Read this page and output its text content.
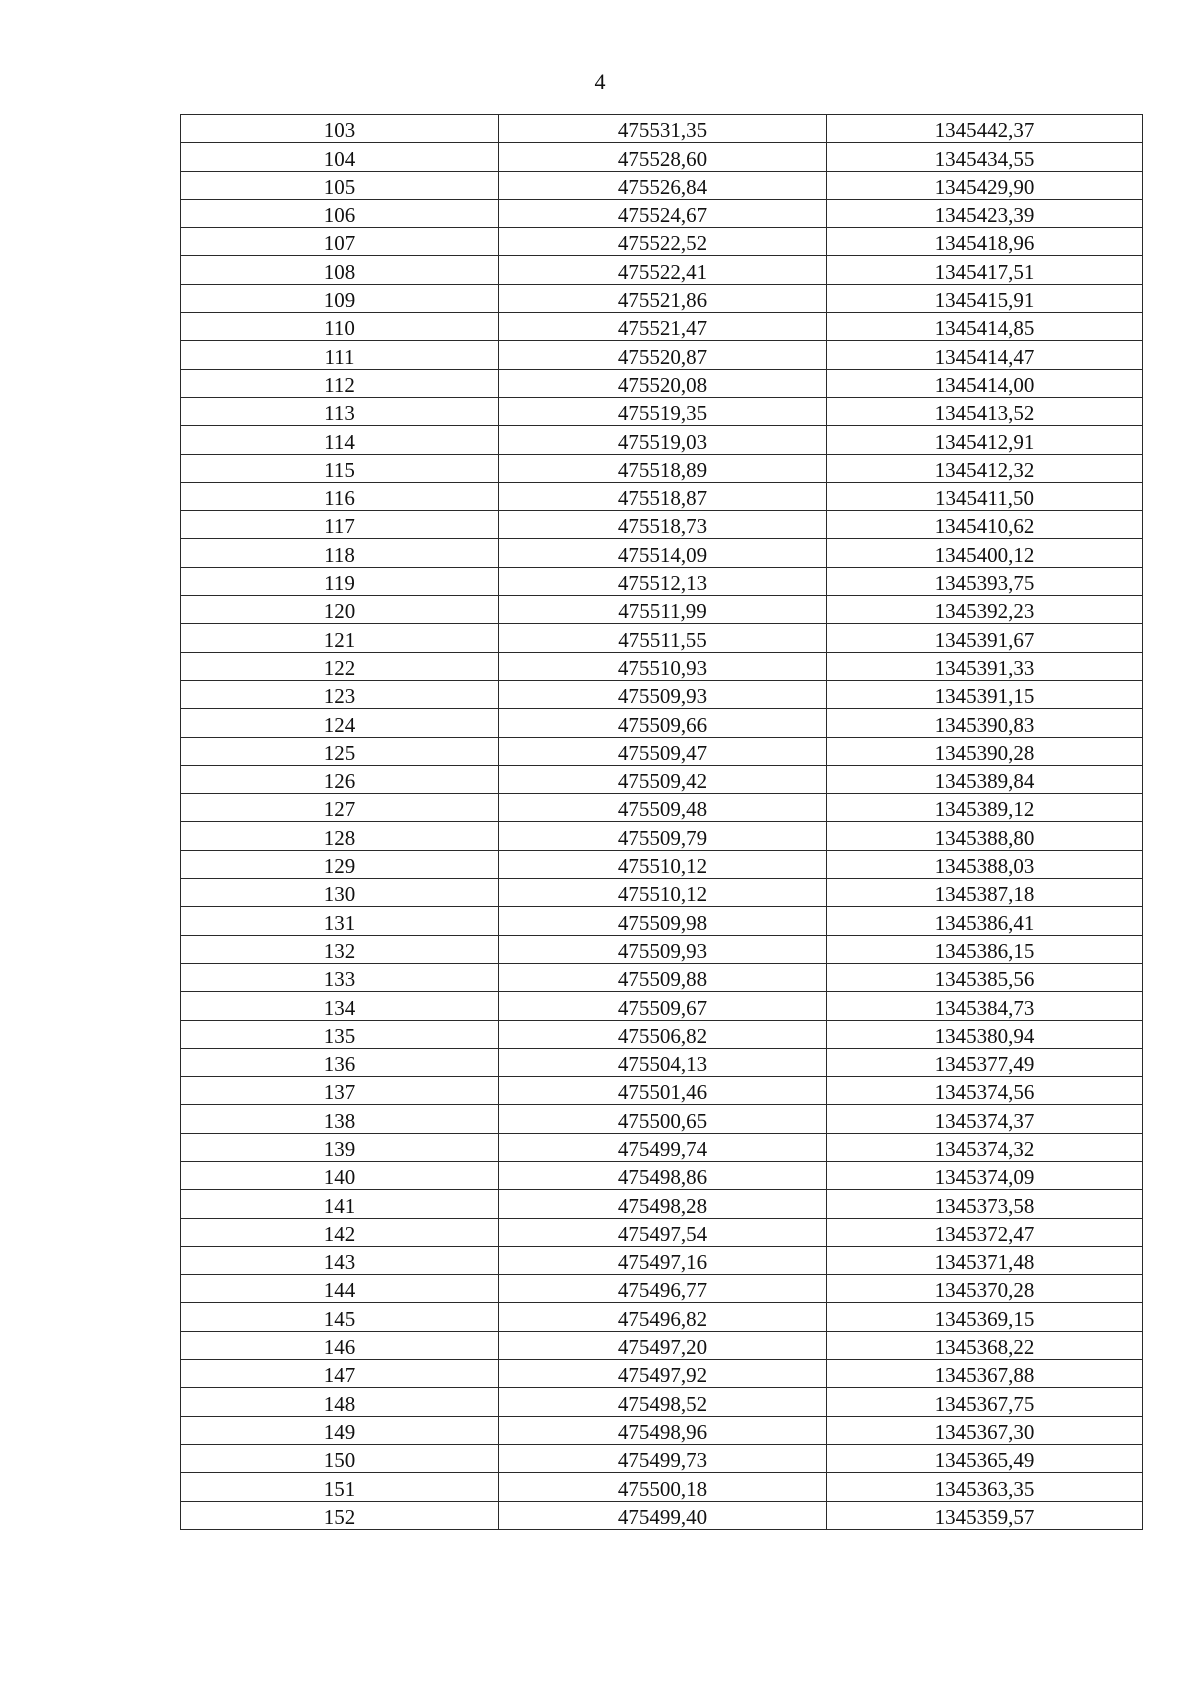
4
103	475531,35	1345442,37
104	475528,60	1345434,55
105	475526,84	1345429,90
106	475524,67	1345423,39
107	475522,52	1345418,96
108	475522,41	1345417,51
109	475521,86	1345415,91
110	475521,47	1345414,85
111	475520,87	1345414,47
112	475520,08	1345414,00
113	475519,35	1345413,52
114	475519,03	1345412,91
115	475518,89	1345412,32
116	475518,87	1345411,50
117	475518,73	1345410,62
118	475514,09	1345400,12
119	475512,13	1345393,75
120	475511,99	1345392,23
121	475511,55	1345391,67
122	475510,93	1345391,33
123	475509,93	1345391,15
124	475509,66	1345390,83
125	475509,47	1345390,28
126	475509,42	1345389,84
127	475509,48	1345389,12
128	475509,79	1345388,80
129	475510,12	1345388,03
130	475510,12	1345387,18
131	475509,98	1345386,41
132	475509,93	1345386,15
133	475509,88	1345385,56
134	475509,67	1345384,73
135	475506,82	1345380,94
136	475504,13	1345377,49
137	475501,46	1345374,56
138	475500,65	1345374,37
139	475499,74	1345374,32
140	475498,86	1345374,09
141	475498,28	1345373,58
142	475497,54	1345372,47
143	475497,16	1345371,48
144	475496,77	1345370,28
145	475496,82	1345369,15
146	475497,20	1345368,22
147	475497,92	1345367,88
148	475498,52	1345367,75
149	475498,96	1345367,30
150	475499,73	1345365,49
151	475500,18	1345363,35
152	475499,40	1345359,57
